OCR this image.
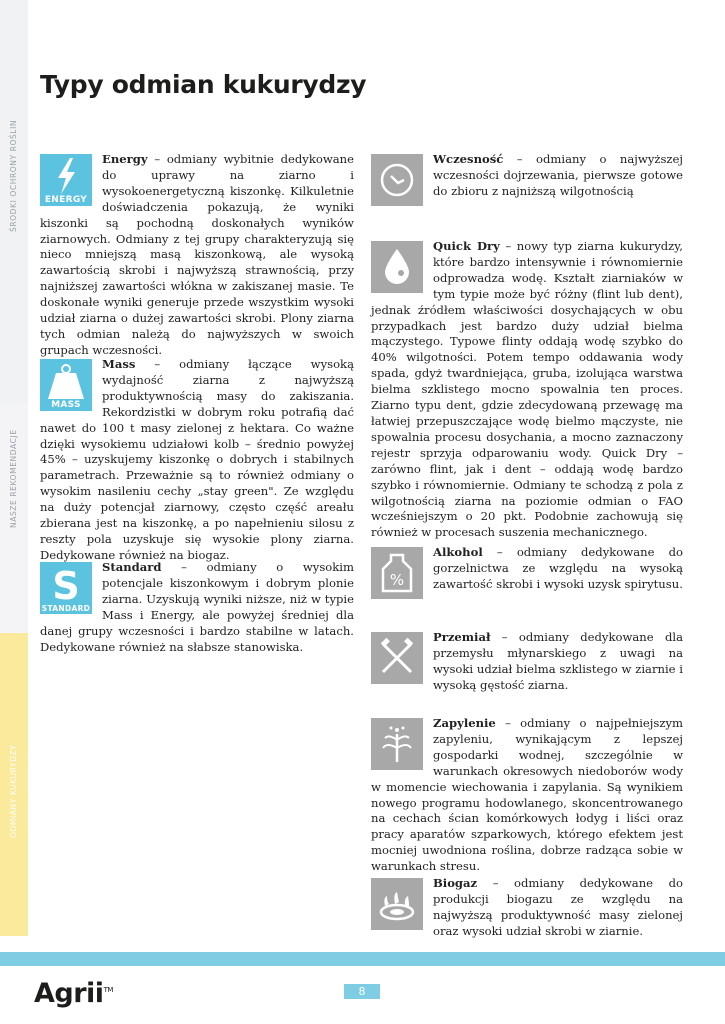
ŚRODKI OCHRONY ROŚLIN
NASZE REKOMENDACJE
ODMIANY KUKURYDZY
Typy odmian kukurydzy
ENERGY

Energy – odmiany wybitnie dedykowane do uprawy na ziarno i wysokoenergetyczną kiszonkę. Kilkuletnie doświadczenia pokazują, że wyniki kiszonki są pochodną doskonałych wyników ziarnowych. Odmiany z tej grupy charakteryzują się nieco mniejszą masą kiszonkową, ale wysoką zawartością skrobi i najwyższą strawnością, przy najniższej zawartości włókna w zakiszanej masie. Te doskonałe wyniki generuje przede wszystkim wysoki udział ziarna o dużej zawartości skrobi. Plony ziarna tych odmian należą do najwyższych w swoich grupach wczesności.

MASS

Mass – odmiany łączące wysoką wydajność ziarna z najwyższą produktywnością masy do zakiszania. Rekordzistki w dobrym roku potrafią dać nawet do 100 t masy zielonej z hektara. Co ważne dzięki wysokiemu udziałowi kolb – średnio powyżej 45% – uzyskujemy kiszonkę o dobrych i stabilnych parametrach. Przeważnie są to również odmiany o wysokim nasileniu cechy „stay green". Ze względu na duży potencjał ziarnowy, często część areału zbierana jest na kiszonkę, a po napełnieniu silosu z reszty pola uzyskuje się wysokie plony ziarna. Dedykowane również na biogaz.

S
STANDARD

Standard – odmiany o wysokim potencjale kiszonkowym i dobrym plonie ziarna. Uzyskują wyniki niższe, niż w typie Mass i Energy, ale powyżej średniej dla danej grupy wczesności i bardzo stabilne w latach. Dedykowane również na słabsze stanowiska.

Wczesność – odmiany o najwyższej wczesności dojrzewania, pierwsze gotowe do zbioru z najniższą wilgotnością

Quick Dry – nowy typ ziarna kukurydzy, które bardzo intensywnie i równomiernie odprowadza wodę. Kształt ziarniaków w tym typie może być różny (flint lub dent), jednak źródłem właściwości dosychających w obu przypadkach jest bardzo duży udział bielma mączystego. Typowe flinty oddają wodę szybko do 40% wilgotności. Potem tempo oddawania wody spada, gdyż twardniejąca, gruba, izolująca warstwa bielma szklistego mocno spowalnia ten proces. Ziarno typu dent, gdzie zdecydowaną przewagę ma łatwiej przepuszczające wodę bielmo mączyste, nie spowalnia procesu dosychania, a mocno zaznaczony rejestr sprzyja odparowaniu wody. Quick Dry – zarówno flint, jak i dent – oddają wodę bardzo szybko i równomiernie. Odmiany te schodzą z pola z wilgotnością ziarna na poziomie odmian o FAO wcześniejszym o 20 pkt. Podobnie zachowują się również w procesach suszenia mechanicznego.

%

Alkohol – odmiany dedykowane do gorzelnictwa ze względu na wysoką zawartość skrobi i wysoki uzysk spirytusu.

Przemiał – odmiany dedykowane dla przemysłu młynarskiego z uwagi na wysoki udział bielma szklistego w ziarnie i wysoką gęstość ziarna.

Zapylenie – odmiany o najpełniejszym zapyleniu, wynikającym z lepszej gospodarki wodnej, szczególnie w warunkach okresowych niedoborów wody w momencie wiechowania i zapylania. Są wynikiem nowego programu hodowlanego, skoncentrowanego na cechach ścian komórkowych łodyg i liści oraz pracy aparatów szparkowych, którego efektem jest mocniej uwodniona roślina, dobrze radząca sobie w warunkach stresu.

Biogaz – odmiany dedykowane do produkcji biogazu ze względu na najwyższą produktywność masy zielonej oraz wysoki udział skrobi w ziarnie.

Agrii™	8
